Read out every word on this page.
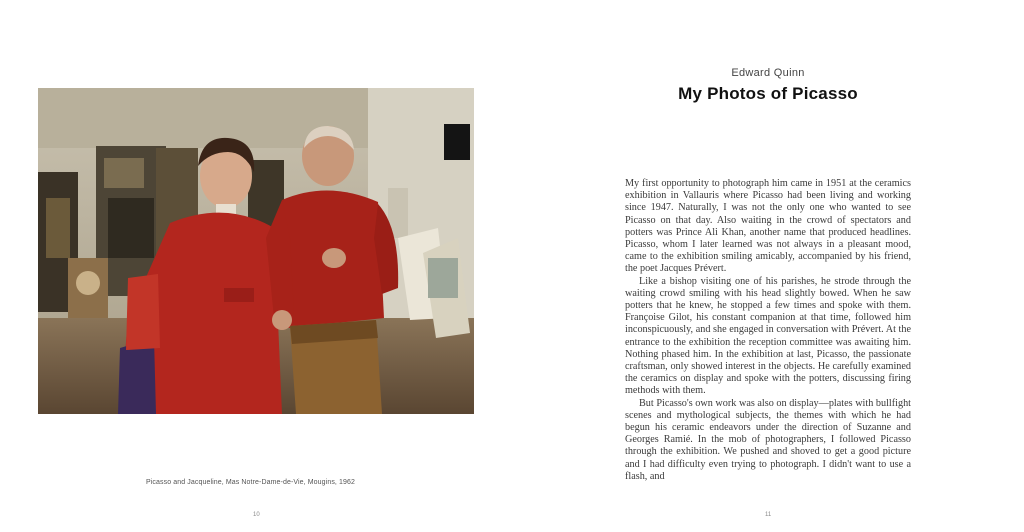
Picasso and Jacqueline, Mas Notre-Dame-de-Vie, Mougins, 1962
10
Edward Quinn
My Photos of Picasso

My first opportunity to photograph him came in 1951 at the ceramics exhibition in Vallauris where Picasso had been living and working since 1947. Naturally, I was not the only one who wanted to see Picasso on that day. Also waiting in the crowd of spectators and potters was Prince Ali Khan, another name that produced headlines. Picasso, whom I later learned was not always in a pleasant mood, came to the exhibition smiling amicably, accompanied by his friend, the poet Jacques Prévert.

Like a bishop visiting one of his parishes, he strode through the waiting crowd smiling with his head slightly bowed. When he saw potters that he knew, he stopped a few times and spoke with them. Françoise Gilot, his constant companion at that time, followed him inconspicuously, and she engaged in conversation with Prévert. At the entrance to the exhibition the reception committee was awaiting him. Nothing phased him. In the exhibition at last, Picasso, the passionate craftsman, only showed interest in the objects. He carefully examined the ceramics on display and spoke with the potters, discussing firing methods with them.

But Picasso's own work was also on display—plates with bullfight scenes and mythological subjects, the themes with which he had begun his ceramic endeavors under the direction of Suzanne and Georges Ramié. In the mob of photographers, I followed Picasso through the exhibition. We pushed and shoved to get a good picture and I had difficulty even trying to photograph. I didn't want to use a flash, and

11
